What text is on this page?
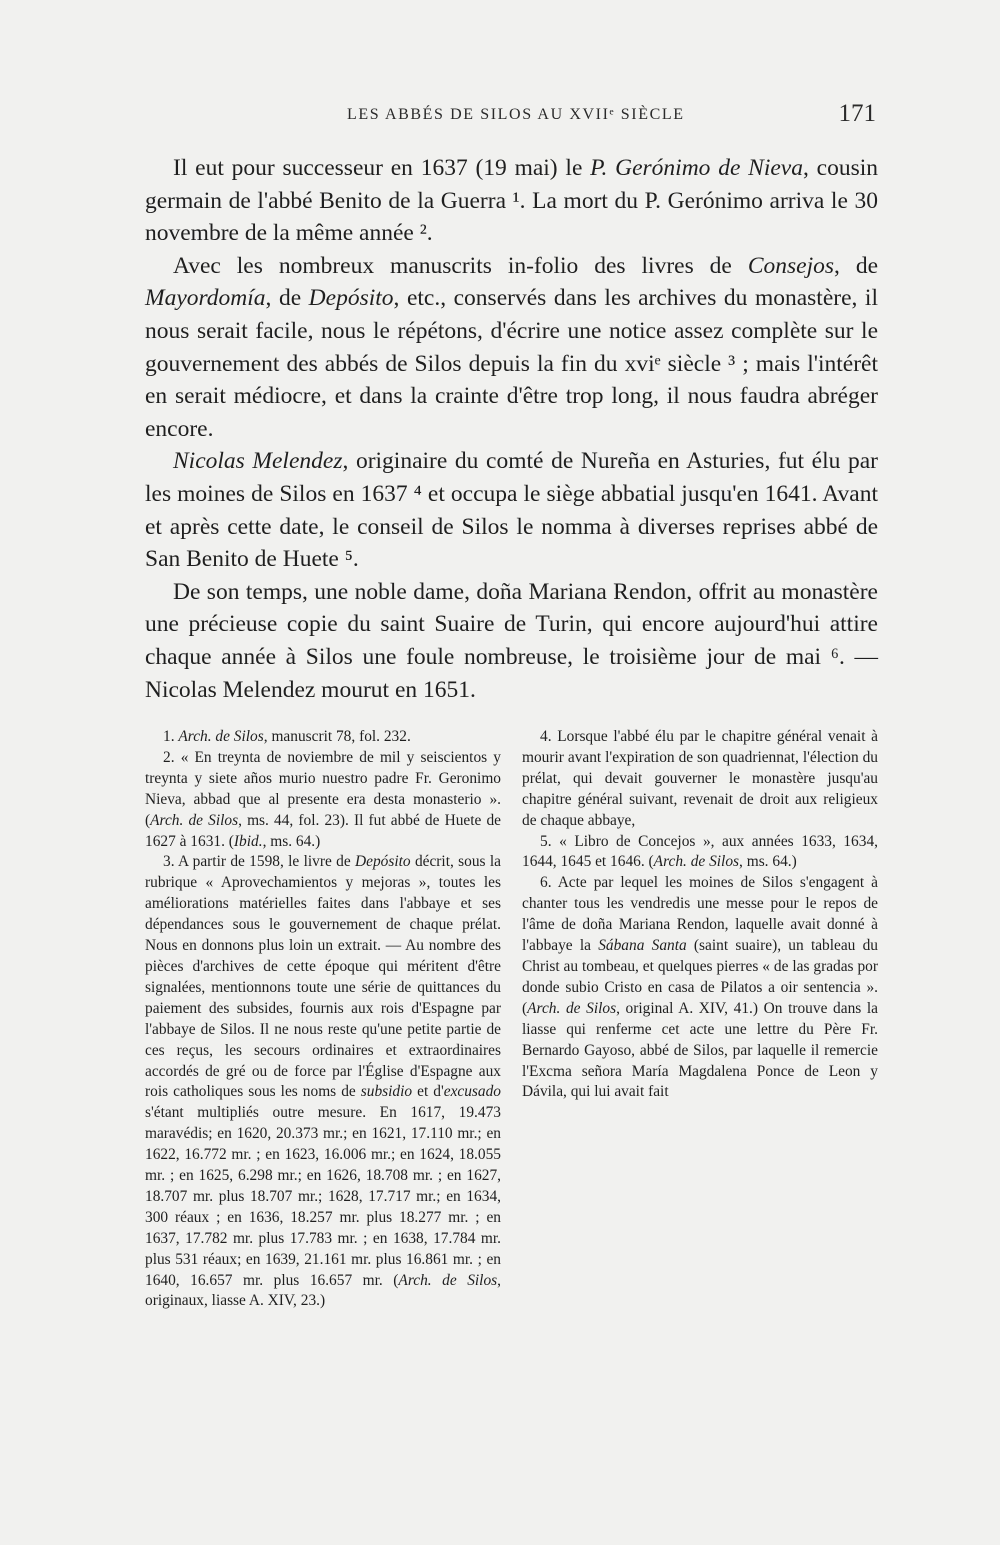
LES ABBÉS DE SILOS AU XVIIᵉ SIÈCLE	171

Il eut pour successeur en 1637 (19 mai) le P. Gerónimo de Nieva, cousin germain de l'abbé Benito de la Guerra ¹. La mort du P. Gerónimo arriva le 30 novembre de la même année ².

Avec les nombreux manuscrits in-folio des livres de Consejos, de Mayordomía, de Depósito, etc., conservés dans les archives du monastère, il nous serait facile, nous le répétons, d'écrire une notice assez complète sur le gouvernement des abbés de Silos depuis la fin du xviᵉ siècle ³ ; mais l'intérêt en serait médiocre, et dans la crainte d'être trop long, il nous faudra abréger encore.

Nicolas Melendez, originaire du comté de Nureña en Asturies, fut élu par les moines de Silos en 1637 ⁴ et occupa le siège abbatial jusqu'en 1641. Avant et après cette date, le conseil de Silos le nomma à diverses reprises abbé de San Benito de Huete ⁵.

De son temps, une noble dame, doña Mariana Rendon, offrit au monastère une précieuse copie du saint Suaire de Turin, qui encore aujourd'hui attire chaque année à Silos une foule nombreuse, le troisième jour de mai ⁶. — Nicolas Melendez mourut en 1651.

1. Arch. de Silos, manuscrit 78, fol. 232.

2. « En treynta de noviembre de mil y seiscientos y treynta y siete años murio nuestro padre Fr. Geronimo Nieva, abbad que al presente era desta monasterio ». (Arch. de Silos, ms. 44, fol. 23). Il fut abbé de Huete de 1627 à 1631. (Ibid., ms. 64.)

3. A partir de 1598, le livre de Depósito décrit, sous la rubrique « Aprovechamientos y mejoras », toutes les améliorations matérielles faites dans l'abbaye et ses dépendances sous le gouvernement de chaque prélat. Nous en donnons plus loin un extrait. — Au nombre des pièces d'archives de cette époque qui méritent d'être signalées, mentionnons toute une série de quittances du paiement des subsides, fournis aux rois d'Espagne par l'abbaye de Silos. Il ne nous reste qu'une petite partie de ces reçus, les secours ordinaires et extraordinaires accordés de gré ou de force par l'Église d'Espagne aux rois catholiques sous les noms de subsidio et d'excusado s'étant multipliés outre mesure. En 1617, 19.473 maravédis; en 1620, 20.373 mr.; en 1621, 17.110 mr.; en 1622, 16.772 mr. ; en 1623, 16.006 mr.; en 1624, 18.055 mr. ; en 1625, 6.298 mr.; en 1626, 18.708 mr. ; en 1627, 18.707 mr. plus 18.707 mr.; 1628, 17.717 mr.; en 1634, 300 réaux ; en 1636, 18.257 mr. plus 18.277 mr. ; en 1637, 17.782 mr. plus 17.783 mr. ; en 1638, 17.784 mr. plus 531 réaux; en 1639, 21.161 mr. plus 16.861 mr. ; en 1640, 16.657 mr. plus 16.657 mr. (Arch. de Silos, originaux, liasse A. XIV, 23.)

4. Lorsque l'abbé élu par le chapitre général venait à mourir avant l'expiration de son quadriennat, l'élection du prélat, qui devait gouverner le monastère jusqu'au chapitre général suivant, revenait de droit aux religieux de chaque abbaye,

5. « Libro de Concejos », aux années 1633, 1634, 1644, 1645 et 1646. (Arch. de Silos, ms. 64.)

6. Acte par lequel les moines de Silos s'engagent à chanter tous les vendredis une messe pour le repos de l'âme de doña Mariana Rendon, laquelle avait donné à l'abbaye la Sábana Santa (saint suaire), un tableau du Christ au tombeau, et quelques pierres « de las gradas por donde subio Cristo en casa de Pilatos a oir sentencia ». (Arch. de Silos, original A. XIV, 41.) On trouve dans la liasse qui renferme cet acte une lettre du Père Fr. Bernardo Gayoso, abbé de Silos, par laquelle il remercie l'Excma señora María Magdalena Ponce de Leon y Dávila, qui lui avait fait
